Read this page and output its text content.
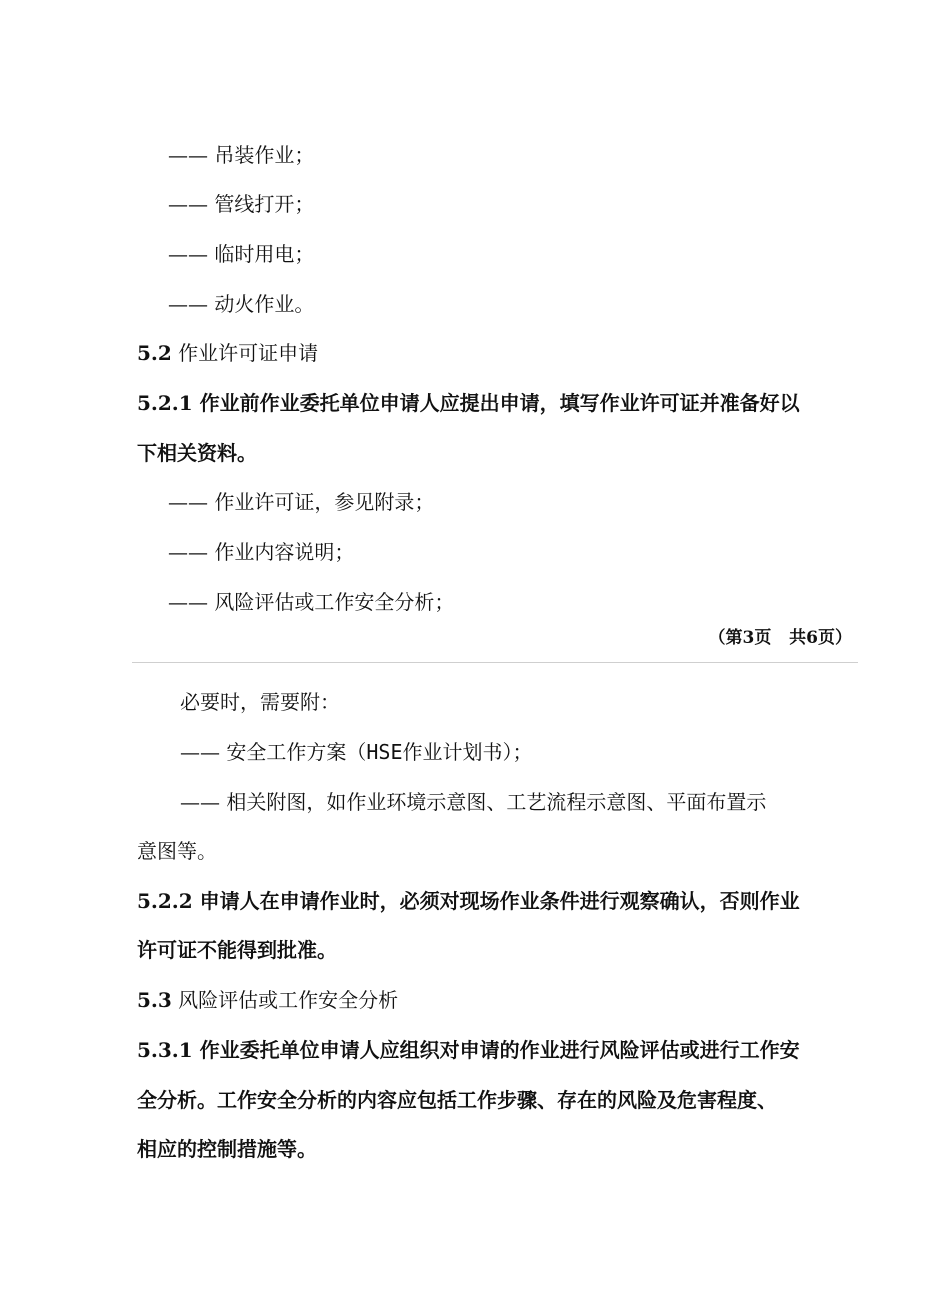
—— 吊装作业；
—— 管线打开；
—— 临时用电；
—— 动火作业。
5.2 作业许可证申请
5.2.1 作业前作业委托单位申请人应提出申请，填写作业许可证并准备好以
下相关资料。
—— 作业许可证，参见附录；
—— 作业内容说明；
—— 风险评估或工作安全分析；
（第3页 共6页）
必要时，需要附：
—— 安全工作方案（HSE作业计划书）；
—— 相关附图，如作业环境示意图、工艺流程示意图、平面布置示
意图等。
5.2.2 申请人在申请作业时，必须对现场作业条件进行观察确认，否则作业
许可证不能得到批准。
5.3 风险评估或工作安全分析
5.3.1 作业委托单位申请人应组织对申请的作业进行风险评估或进行工作安
全分析。工作安全分析的内容应包括工作步骤、存在的风险及危害程度、
相应的控制措施等。
